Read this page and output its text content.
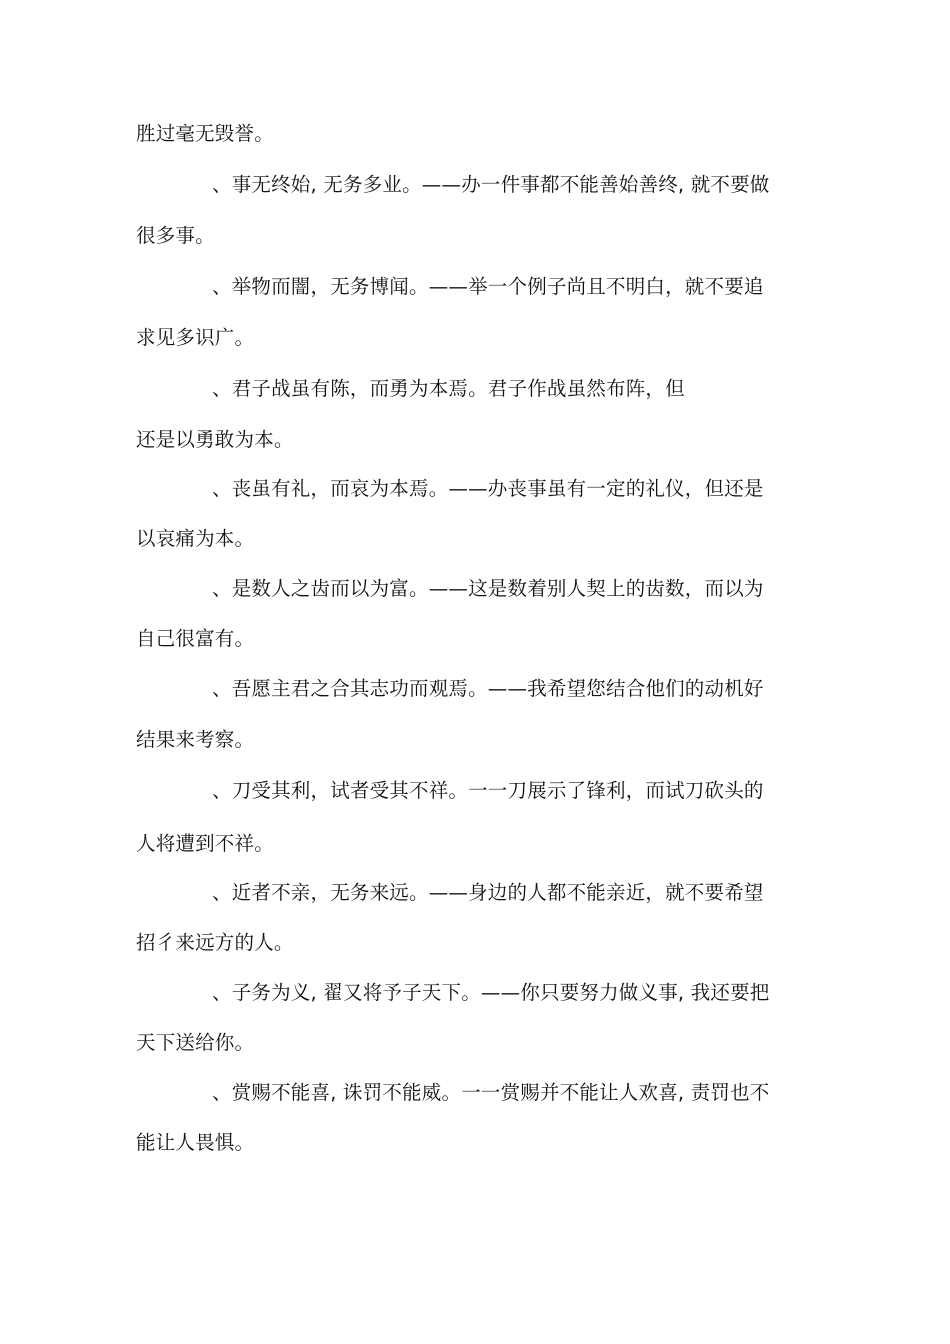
胜过毫无毁誉。
、事无终始, 无务多业。——办一件事都不能善始善终, 就不要做
很多事。
、举物而闇，无务博闻。——举一个例子尚且不明白，就不要追
求见多识广。
、君子战虽有陈，而勇为本焉。君子作战虽然布阵，但
还是以勇敢为本。
、丧虽有礼，而哀为本焉。——办丧事虽有一定的礼仪，但还是
以哀痛为本。
、是数人之齿而以为富。——这是数着别人契上的齿数，而以为
自己很富有。
、吾愿主君之合其志功而观焉。——我希望您结合他们的动机好
结果来考察。
、刀受其利，试者受其不祥。一一刀展示了锋利，而试刀砍头的
人将遭到不祥。
、近者不亲，无务来远。——身边的人都不能亲近，就不要希望
招彳来远方的人。
、子务为义, 翟又将予子天下。——你只要努力做义事, 我还要把
天下送给你。
、赏赐不能喜, 诛罚不能威。一一赏赐并不能让人欢喜, 责罚也不
能让人畏惧。
